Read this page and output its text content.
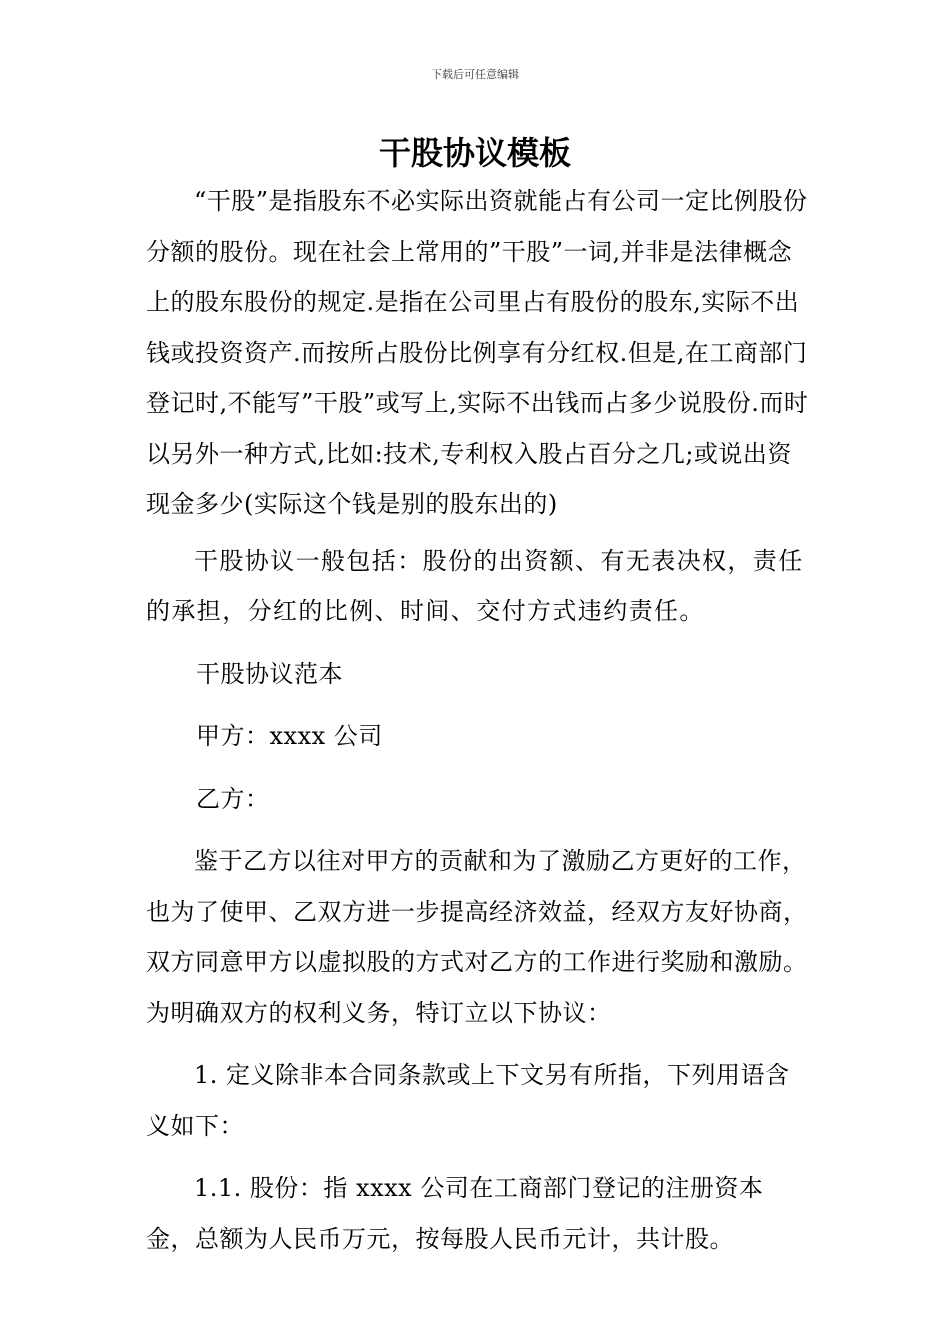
下载后可任意编辑
干股协议模板

“干股”是指股东不必实际出资就能占有公司一定比例股份分额的股份。现在社会上常用的”干股”一词,并非是法律概念上的股东股份的规定.是指在公司里占有股份的股东,实际不出钱或投资资产.而按所占股份比例享有分红权.但是,在工商部门登记时,不能写”干股”或写上,实际不出钱而占多少说股份.而时以另外一种方式,比如:技术,专利权入股占百分之几;或说出资现金多少(实际这个钱是别的股东出的)

干股协议一般包括：股份的出资额、有无表决权，责任的承担，分红的比例、时间、交付方式违约责任。

干股协议范本

甲方：xxxx 公司

乙方：

鉴于乙方以往对甲方的贡献和为了激励乙方更好的工作，也为了使甲、乙双方进一步提高经济效益，经双方友好协商，双方同意甲方以虚拟股的方式对乙方的工作进行奖励和激励。为明确双方的权利义务，特订立以下协议：

1. 定义除非本合同条款或上下文另有所指，下列用语含义如下：

1.1. 股份：指 xxxx 公司在工商部门登记的注册资本金，总额为人民币万元，按每股人民币元计，共计股。
